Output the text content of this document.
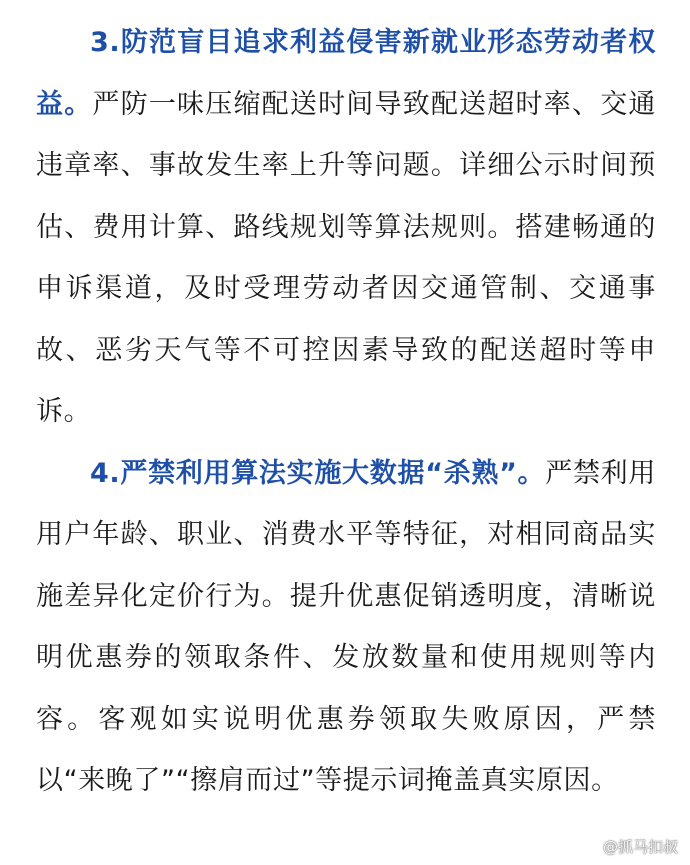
3.防范盲目追求利益侵害新就业形态劳动者权益。严防一味压缩配送时间导致配送超时率、交通违章率、事故发生率上升等问题。详细公示时间预估、费用计算、路线规划等算法规则。搭建畅通的申诉渠道，及时受理劳动者因交通管制、交通事故、恶劣天气等不可控因素导致的配送超时等申诉。

4.严禁利用算法实施大数据“杀熟”。严禁利用用户年龄、职业、消费水平等特征，对相同商品实施差异化定价行为。提升优惠促销透明度，清晰说明优惠券的领取条件、发放数量和使用规则等内容。客观如实说明优惠券领取失败原因，严禁以“来晚了”“擦肩而过”等提示词掩盖真实原因。

@抓马扣叔
